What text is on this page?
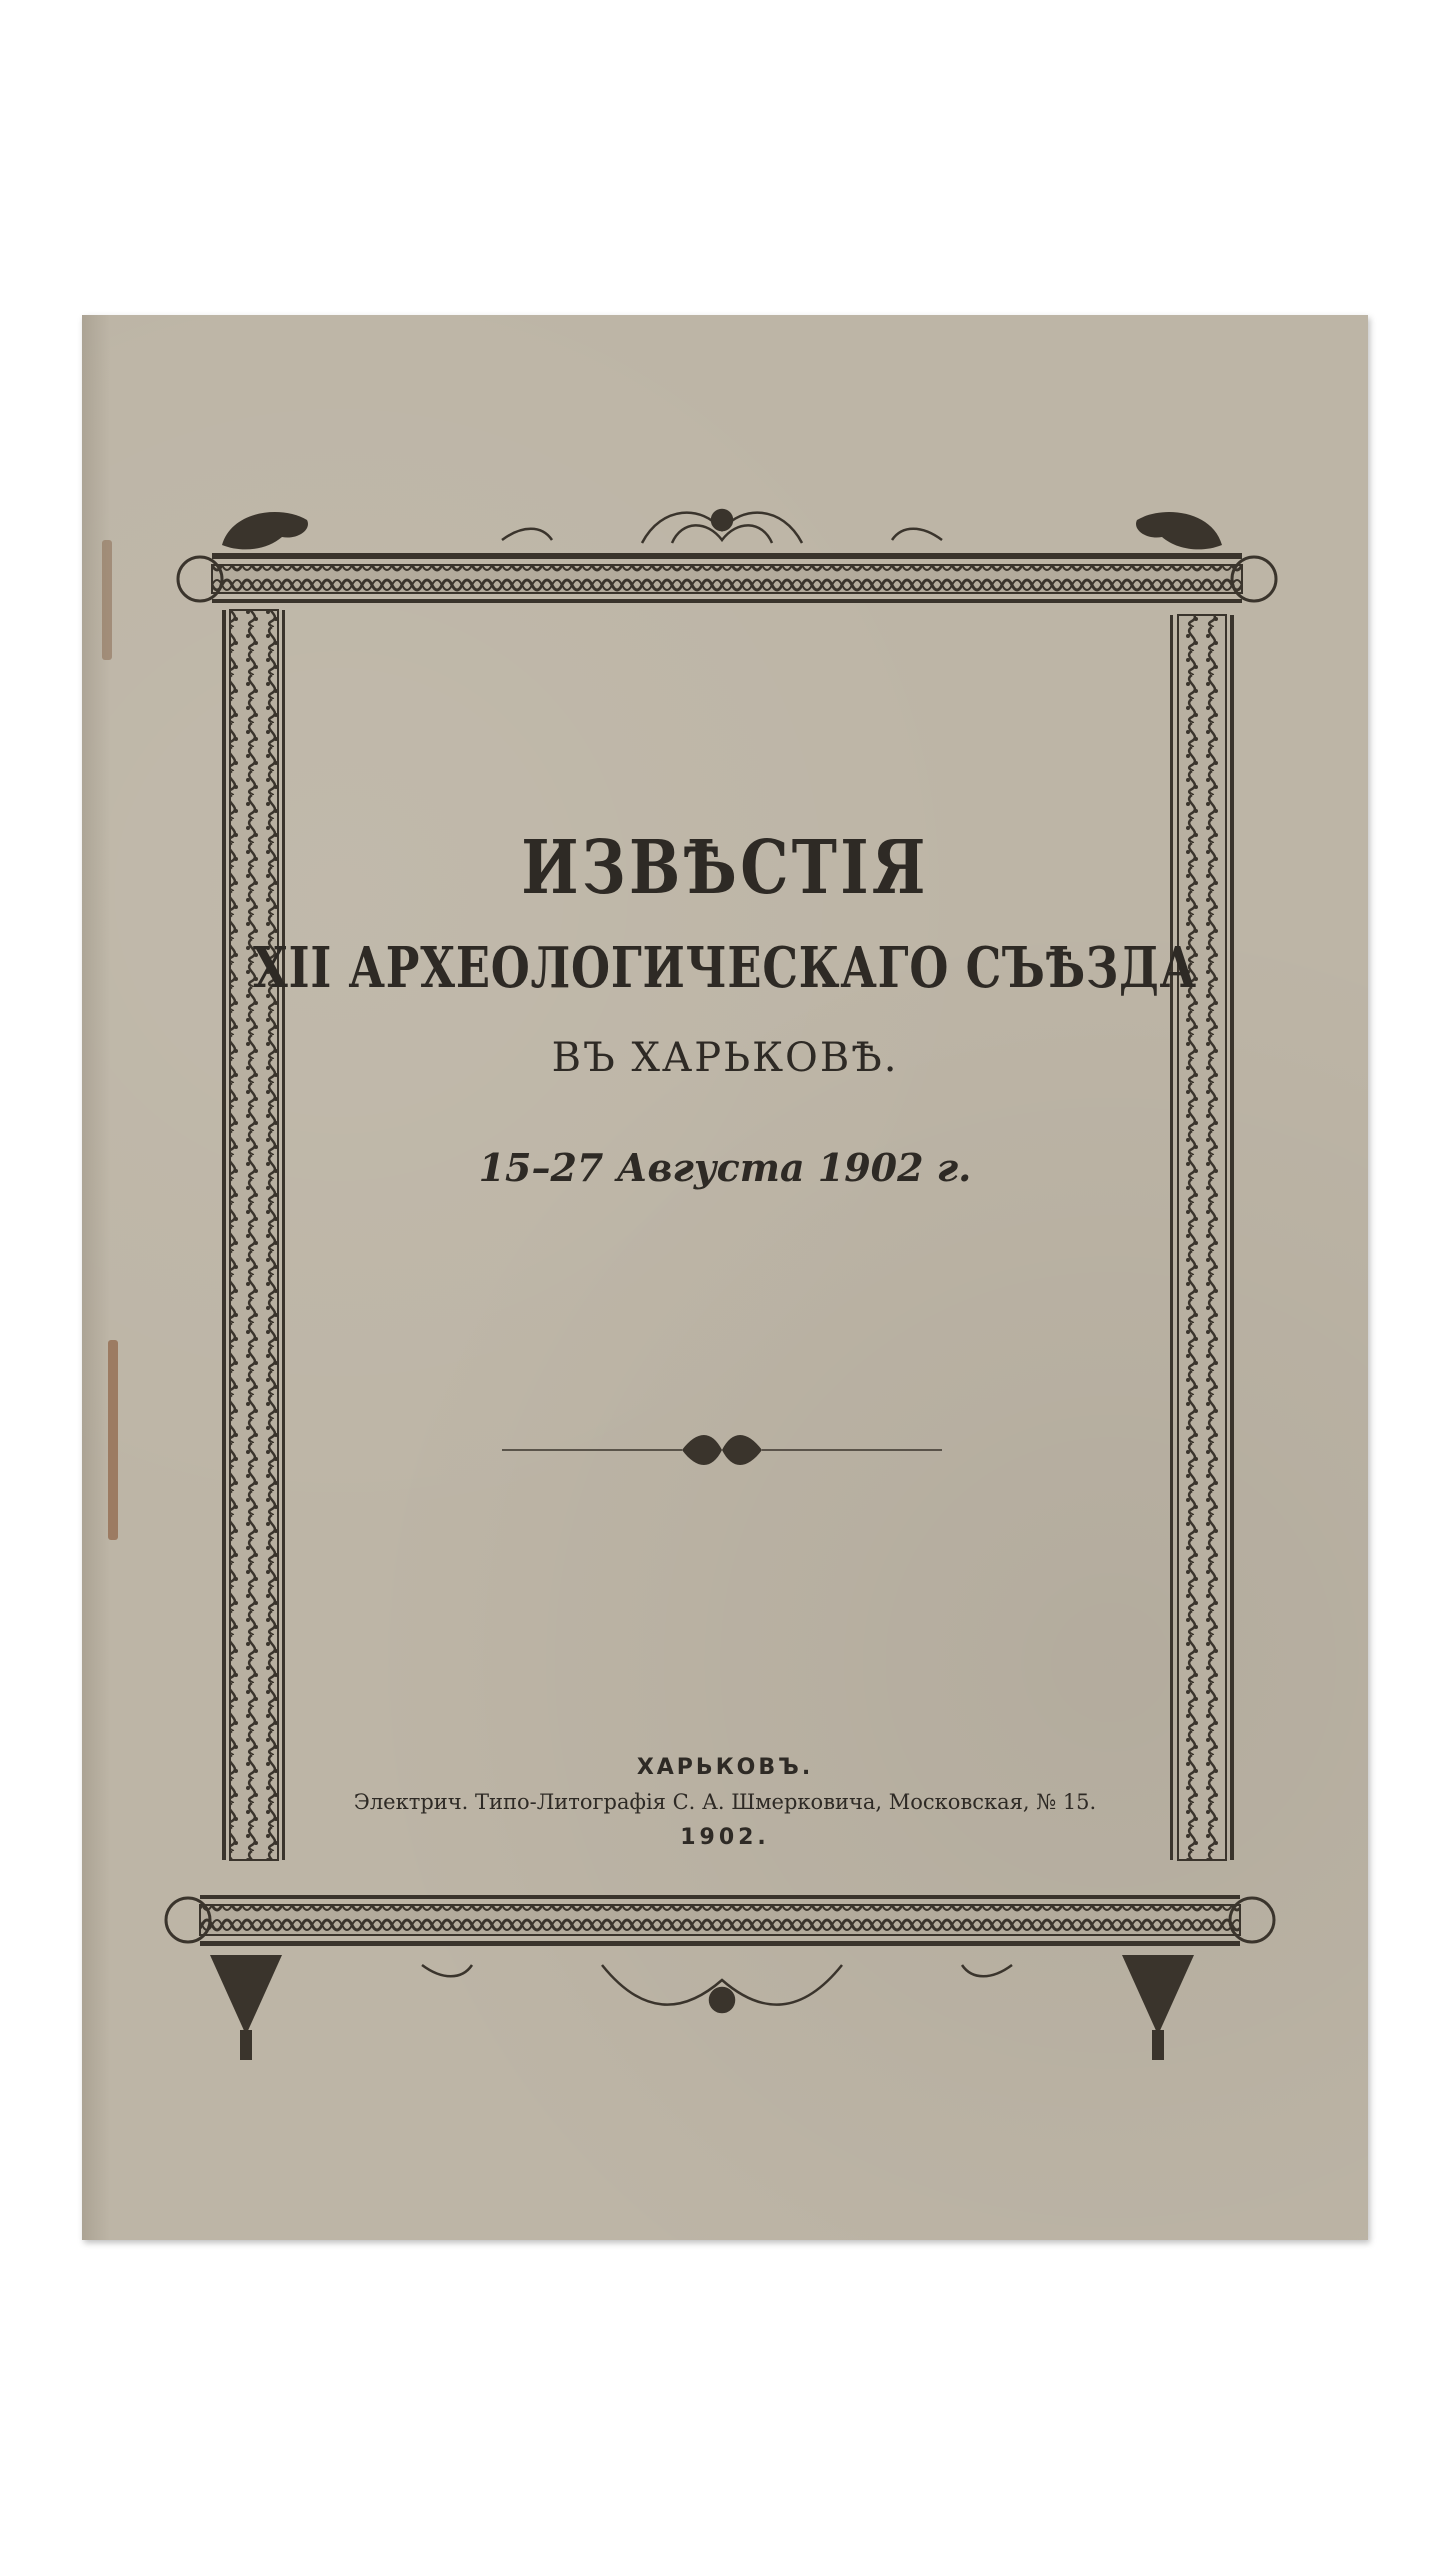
ИЗВѢСТІЯ
XII АРХЕОЛОГИЧЕСКАГО СЪѢЗДА
ВЪ ХАРЬКОВѢ.
15–27 Августа 1902 г.
ХАРЬКОВЪ.
Электрич. Типо-Литографія С. А. Шмерковича, Московская, № 15.
1902.
